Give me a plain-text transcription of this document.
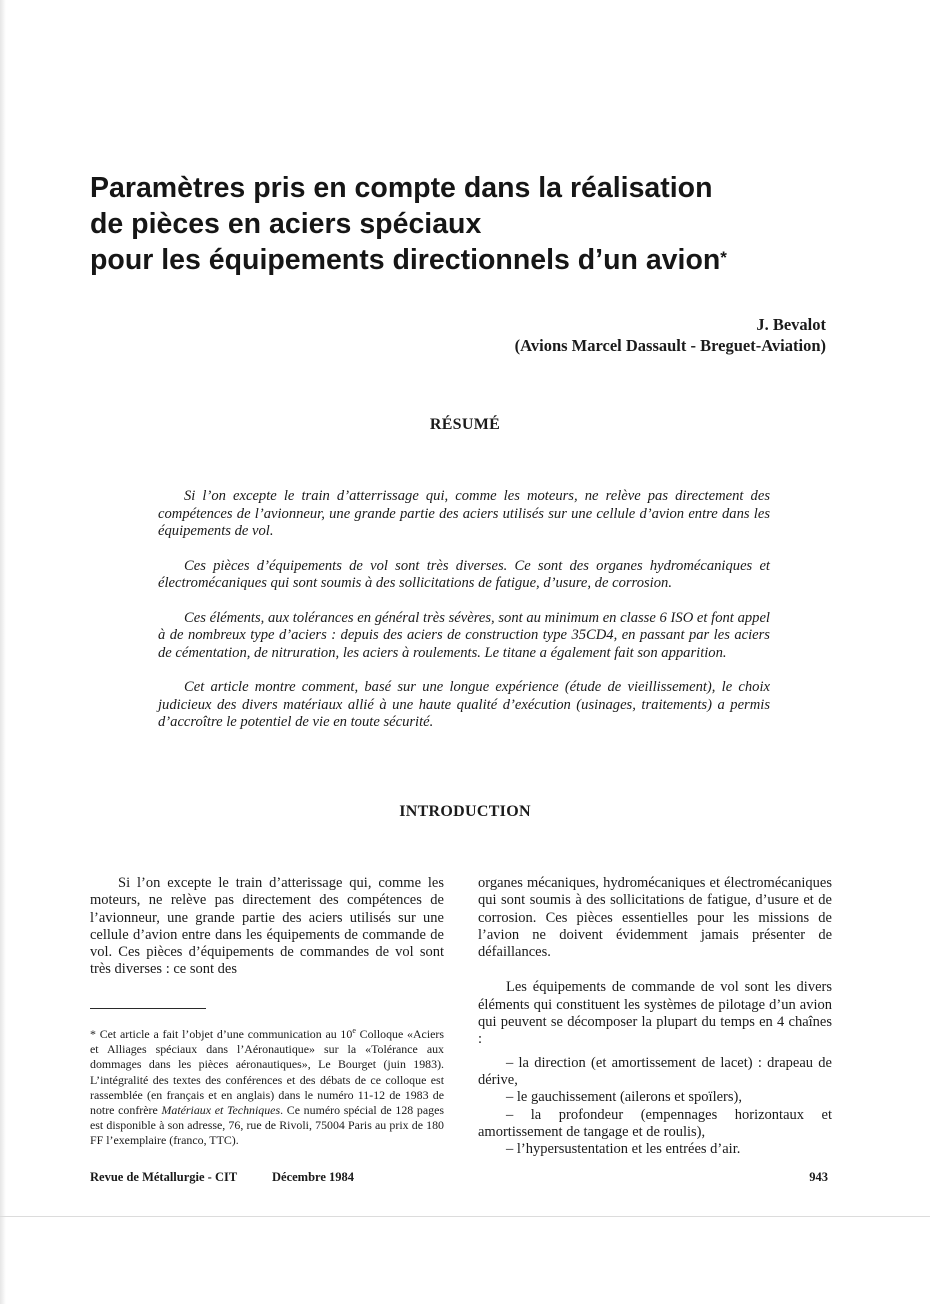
Paramètres pris en compte dans la réalisation
de pièces en aciers spéciaux
pour les équipements directionnels d’un avion*
J. Bevalot
(Avions Marcel Dassault - Breguet-Aviation)
RÉSUMÉ

Si l’on excepte le train d’atterrissage qui, comme les moteurs, ne relève pas directement des compétences de l’avionneur, une grande partie des aciers utilisés sur une cellule d’avion entre dans les équipements de vol.

Ces pièces d’équipements de vol sont très diverses. Ce sont des organes hydromécaniques et électromécaniques qui sont soumis à des sollicitations de fatigue, d’usure, de corrosion.

Ces éléments, aux tolérances en général très sévères, sont au minimum en classe 6 ISO et font appel à de nombreux type d’aciers : depuis des aciers de construction type 35CD4, en passant par les aciers de cémentation, de nitruration, les aciers à roulements. Le titane a également fait son apparition.

Cet article montre comment, basé sur une longue expérience (étude de vieillissement), le choix judicieux des divers matériaux allié à une haute qualité d’exécution (usinages, traitements) a permis d’accroître le potentiel de vie en toute sécurité.

INTRODUCTION

Si l’on excepte le train d’atterissage qui, comme les moteurs, ne relève pas directement des compétences de l’avionneur, une grande partie des aciers utilisés sur une cellule d’avion entre dans les équipements de commande de vol. Ces pièces d’équipements de commandes de vol sont très diverses : ce sont des

* Cet article a fait l’objet d’une communication au 10e Colloque «Aciers et Alliages spéciaux dans l’Aéronautique» sur la «Tolérance aux dommages dans les pièces aéronautiques», Le Bourget (juin 1983). L’intégralité des textes des conférences et des débats de ce colloque est rassemblée (en français et en anglais) dans le numéro 11-12 de 1983 de notre confrère Matériaux et Techniques. Ce numéro spécial de 128 pages est disponible à son adresse, 76, rue de Rivoli, 75004 Paris au prix de 180 FF l’exemplaire (franco, TTC).

organes mécaniques, hydromécaniques et électromécaniques qui sont soumis à des sollicitations de fatigue, d’usure et de corrosion. Ces pièces essentielles pour les missions de l’avion ne doivent évidemment jamais présenter de défaillances.

Les équipements de commande de vol sont les divers éléments qui constituent les systèmes de pilotage d’un avion qui peuvent se décomposer la plupart du temps en 4 chaînes :

– la direction (et amortissement de lacet) : drapeau de dérive,

– le gauchissement (ailerons et spoïlers),

– la profondeur (empennages horizontaux et amortissement de tangage et de roulis),

– l’hypersustentation et les entrées d’air.

Revue de Métallurgie - CIT	Décembre 1984	943
